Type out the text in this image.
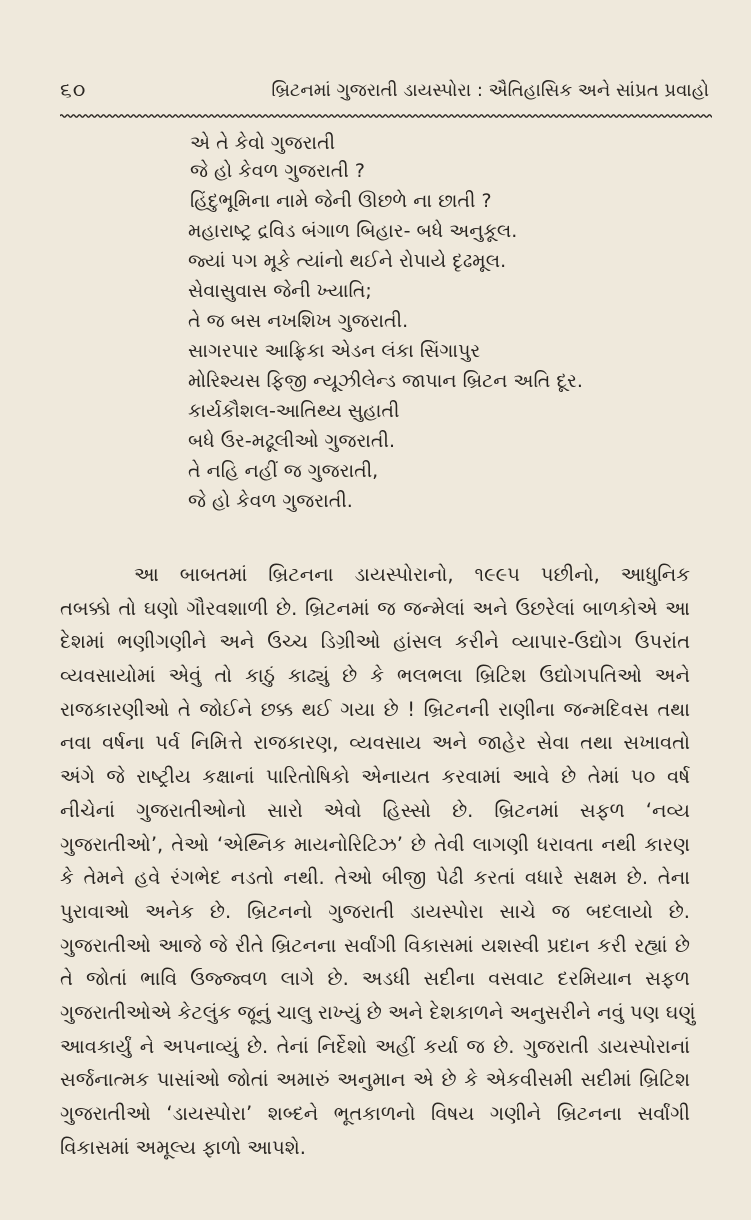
૬૦	બ્રિટનમાં ગુજરાતી ડાયસ્પોરા : ઐતિહાસિક અને સાંપ્રત પ્રવાહો
એ તે કેવો ગુજરાતી
જે હો કેવળ ગુજરાતી ?
હિંદુભૂમિના નામે જેની ઊછળે ના છાતી ?
મહારાષ્ટ્ર દ્રવિડ બંગાળ બિહાર- બધે અનુકૂલ.
જ્યાં પગ મૂકે ત્યાંનો થઈને રોપાયે દૃઢમૂલ.
સેવાસુવાસ જેની ખ્યાતિ;
તે જ બસ નખશિખ ગુજરાતી.
સાગરપાર આફ્રિકા એડન લંકા સિંગાપુર
મોરિશ્યસ ફિજી ન્યૂઝીલેન્ડ જાપાન બ્રિટન અતિ દૂર.
કાર્યકૌશલ-આતિથ્ય સુહાતી
બધે ઉર-મઢૂલીઓ ગુજરાતી.
તે નહિ નહીં જ ગુજરાતી,
જે હો કેવળ ગુજરાતી.
આ બાબતમાં બ્રિટનના ડાયસ્પોરાનો, ૧૯૯૫ પછીનો, આધુનિક
તબક્કો તો ઘણો ગૌરવશાળી છે. બ્રિટનમાં જ જન્મેલાં અને ઉછરેલાં બાળકોએ આ
દેશમાં ભણીગણીને અને ઉચ્ચ ડિગ્રીઓ હાંસલ કરીને વ્યાપાર-ઉદ્યોગ ઉપરાંત
વ્યવસાયોમાં એવું તો કાઠું કાઢ્યું છે કે ભલભલા બ્રિટિશ ઉદ્યોગપતિઓ અને
રાજકારણીઓ તે જોઈને છક્ક થઈ ગયા છે ! બ્રિટનની રાણીના જન્મદિવસ તથા
નવા વર્ષના પર્વ નિમિત્તે રાજકારણ, વ્યવસાય અને જાહેર સેવા તથા સખાવતો
અંગે જે રાષ્ટ્રીય કક્ષાનાં પારિતોષિકો એનાયત કરવામાં આવે છે તેમાં ૫૦ વર્ષ
નીચેનાં ગુજરાતીઓનો સારો એવો હિસ્સો છે. બ્રિટનમાં સફળ ‘નવ્ય
ગુજરાતીઓ’, તેઓ ‘એથ્નિક માયનોરિટિઝ’ છે તેવી લાગણી ધરાવતા નથી કારણ
કે તેમને હવે રંગભેદ નડતો નથી. તેઓ બીજી પેઢી કરતાં વધારે સક્ષમ છે. તેના
પુરાવાઓ અનેક છે. બ્રિટનનો ગુજરાતી ડાયસ્પોરા સાચે જ બદલાયો છે.
ગુજરાતીઓ આજે જે રીતે બ્રિટનના સર્વાંગી વિકાસમાં યશસ્વી પ્રદાન કરી રહ્યાં છે
તે જોતાં ભાવિ ઉજ્જ્વળ લાગે છે. અડધી સદીના વસવાટ દરમિયાન સફળ
ગુજરાતીઓએ કેટલુંક જૂનું ચાલુ રાખ્યું છે અને દેશકાળને અનુસરીને નવું પણ ઘણું
આવકાર્યું ને અપનાવ્યું છે. તેનાં નિર્દેશો અહીં કર્યા જ છે. ગુજરાતી ડાયસ્પોરાનાં
સર્જનાત્મક પાસાંઓ જોતાં અમારું અનુમાન એ છે કે એકવીસમી સદીમાં બ્રિટિશ
ગુજરાતીઓ ‘ડાયસ્પોરા’ શબ્દને ભૂતકાળનો વિષય ગણીને બ્રિટનના સર્વાંગી
વિકાસમાં અમૂલ્ય ફાળો આપશે.
